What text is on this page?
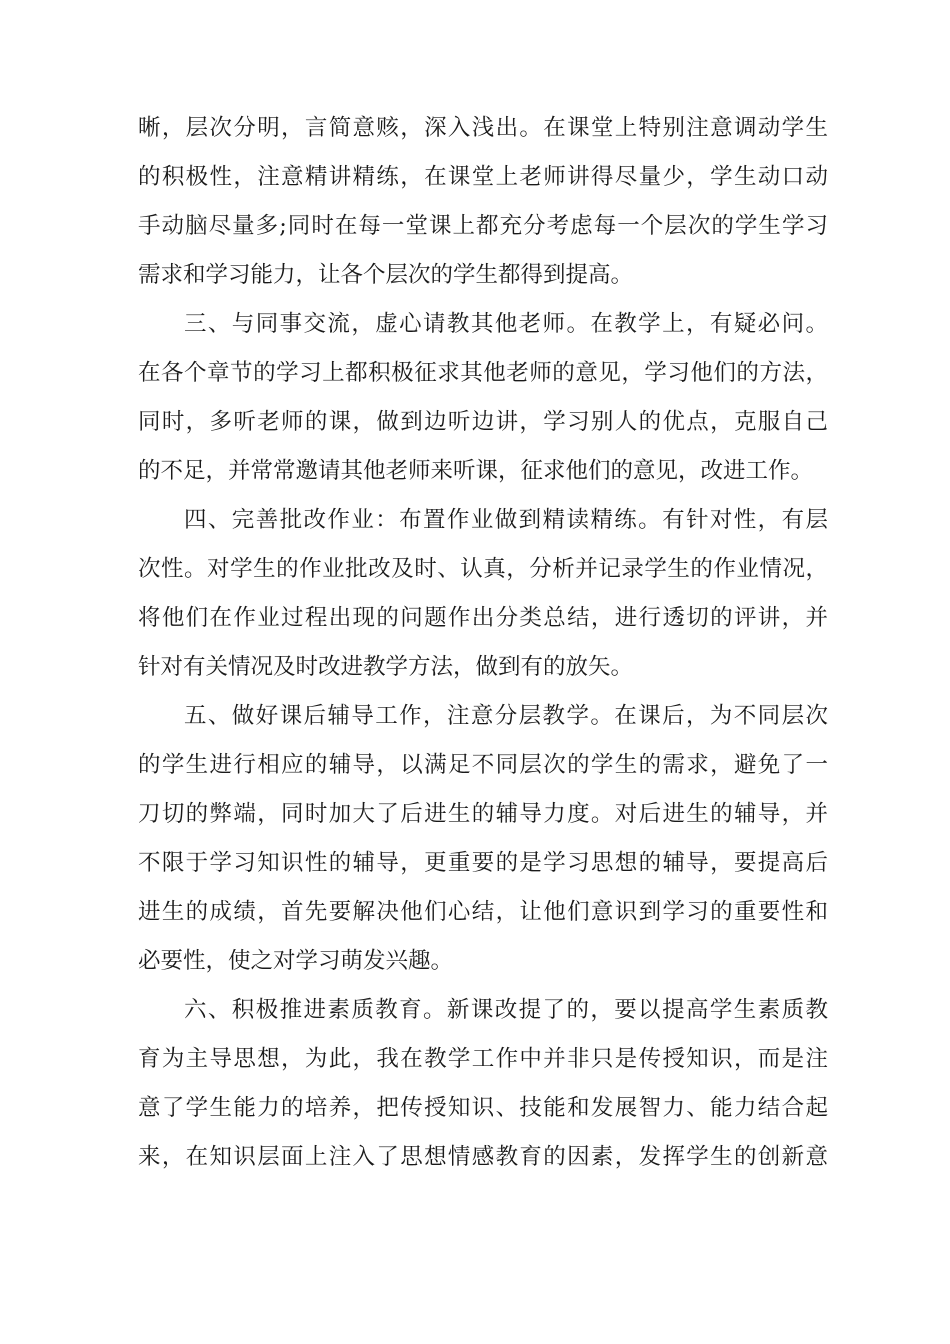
晰，层次分明，言简意赅，深入浅出。在课堂上特别注意调动学生
的积极性，注意精讲精练，在课堂上老师讲得尽量少，学生动口动
手动脑尽量多;同时在每一堂课上都充分考虑每一个层次的学生学习
需求和学习能力，让各个层次的学生都得到提高。
三、与同事交流，虚心请教其他老师。在教学上，有疑必问。
在各个章节的学习上都积极征求其他老师的意见，学习他们的方法，
同时，多听老师的课，做到边听边讲，学习别人的优点，克服自己
的不足，并常常邀请其他老师来听课，征求他们的意见，改进工作。
四、完善批改作业：布置作业做到精读精练。有针对性，有层
次性。对学生的作业批改及时、认真，分析并记录学生的作业情况，
将他们在作业过程出现的问题作出分类总结，进行透切的评讲，并
针对有关情况及时改进教学方法，做到有的放矢。
五、做好课后辅导工作，注意分层教学。在课后，为不同层次
的学生进行相应的辅导，以满足不同层次的学生的需求，避免了一
刀切的弊端，同时加大了后进生的辅导力度。对后进生的辅导，并
不限于学习知识性的辅导，更重要的是学习思想的辅导，要提高后
进生的成绩，首先要解决他们心结，让他们意识到学习的重要性和
必要性，使之对学习萌发兴趣。
六、积极推进素质教育。新课改提了的，要以提高学生素质教
育为主导思想，为此，我在教学工作中并非只是传授知识，而是注
意了学生能力的培养，把传授知识、技能和发展智力、能力结合起
来，在知识层面上注入了思想情感教育的因素，发挥学生的创新意
